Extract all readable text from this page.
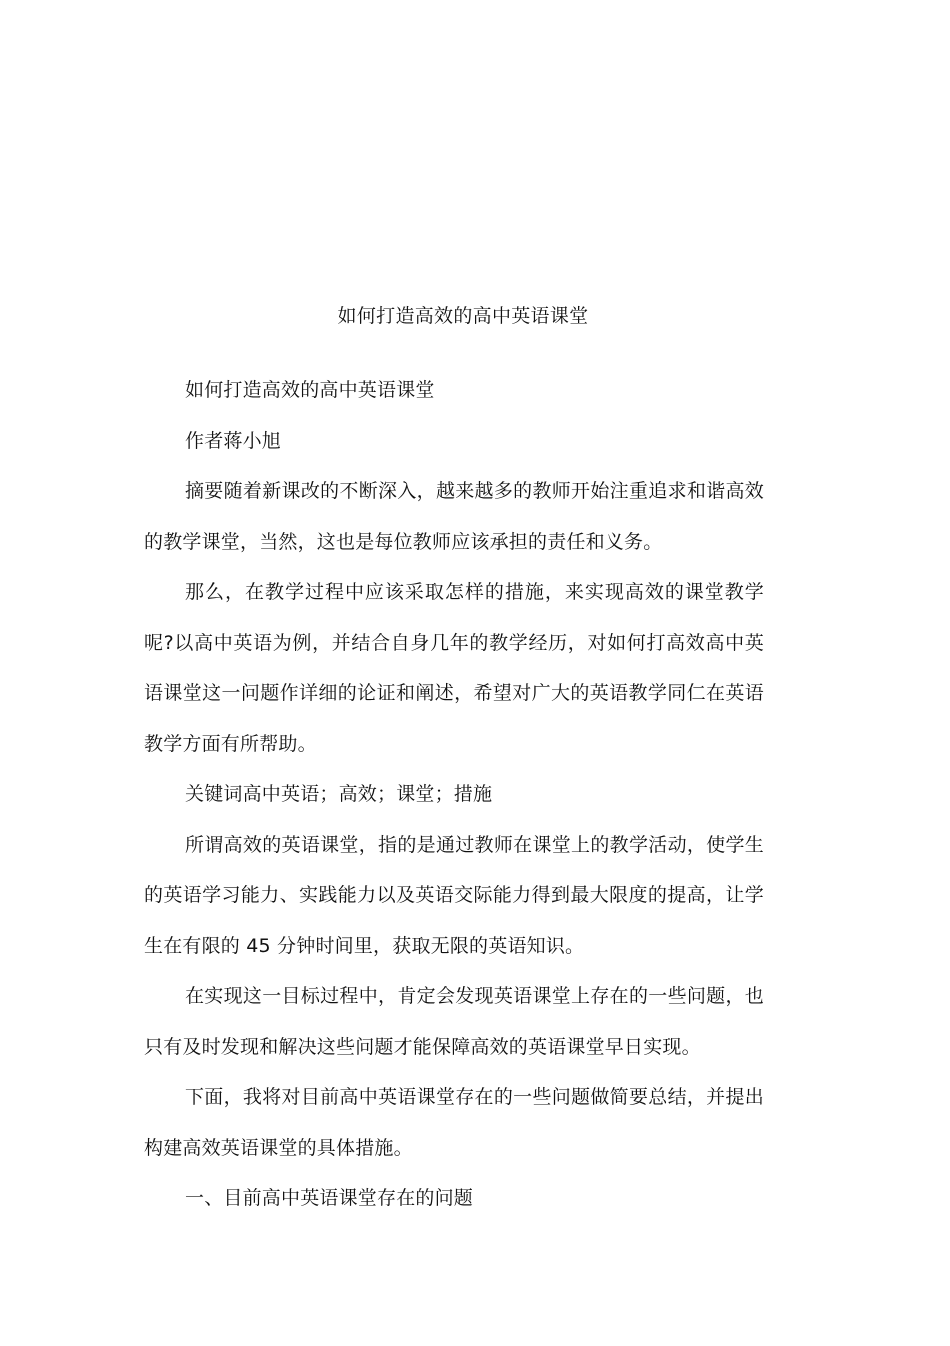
如何打造高效的高中英语课堂

如何打造高效的高中英语课堂

作者蒋小旭

摘要随着新课改的不断深入，越来越多的教师开始注重追求和谐高效的教学课堂，当然，这也是每位教师应该承担的责任和义务。

那么，在教学过程中应该采取怎样的措施，来实现高效的课堂教学呢?以高中英语为例，并结合自身几年的教学经历，对如何打高效高中英语课堂这一问题作详细的论证和阐述，希望对广大的英语教学同仁在英语教学方面有所帮助。

关键词高中英语；高效；课堂；措施

所谓高效的英语课堂，指的是通过教师在课堂上的教学活动，使学生的英语学习能力、实践能力以及英语交际能力得到最大限度的提高，让学生在有限的 45 分钟时间里，获取无限的英语知识。

在实现这一目标过程中，肯定会发现英语课堂上存在的一些问题，也只有及时发现和解决这些问题才能保障高效的英语课堂早日实现。

下面，我将对目前高中英语课堂存在的一些问题做简要总结，并提出构建高效英语课堂的具体措施。

一、目前高中英语课堂存在的问题
